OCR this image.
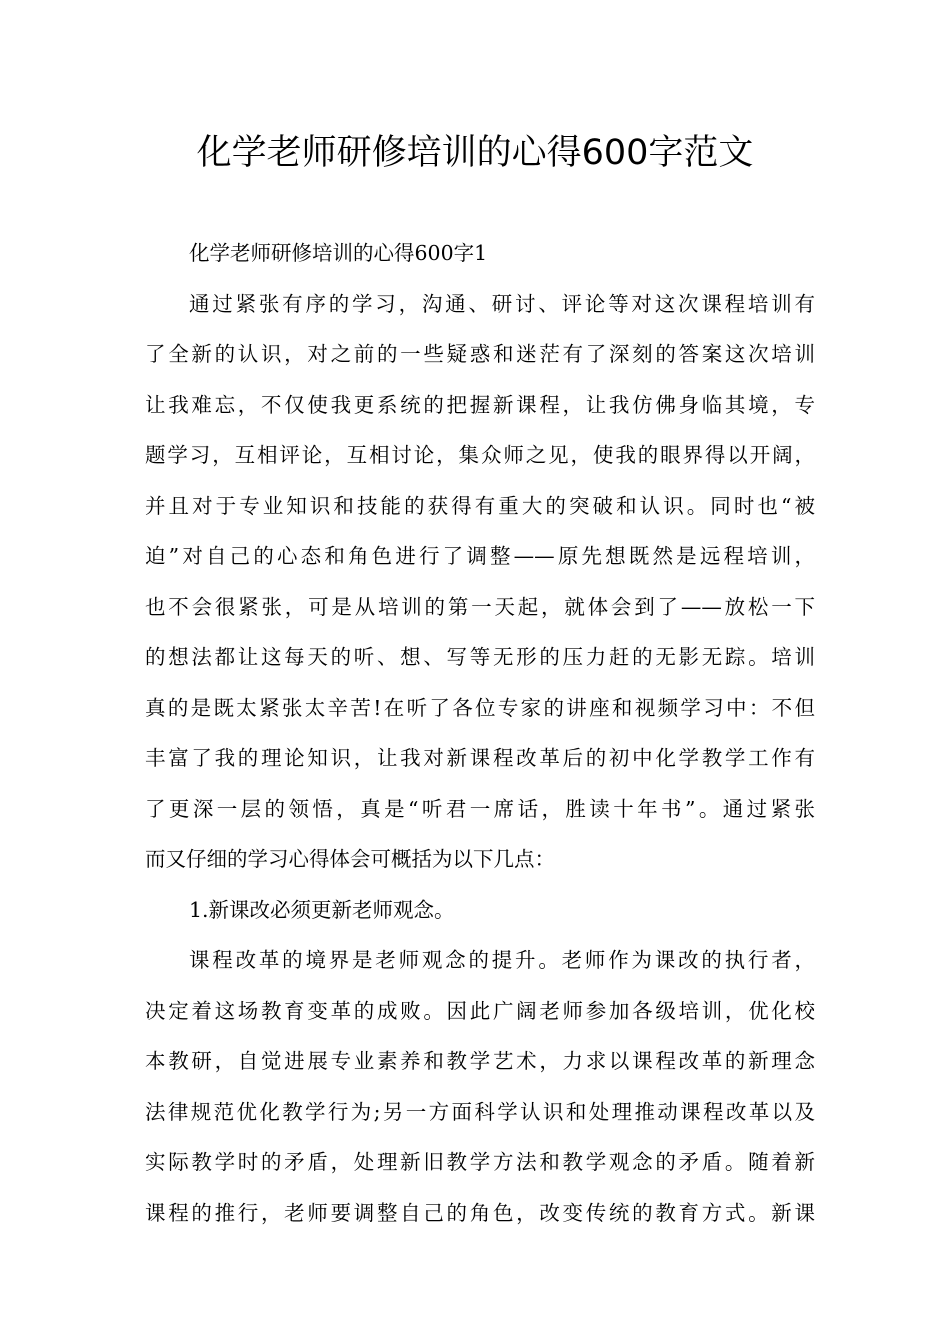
化学老师研修培训的心得600字范文

化学老师研修培训的心得600字1

通过紧张有序的学习，沟通、研讨、评论等对这次课程培训有
了全新的认识，对之前的一些疑惑和迷茫有了深刻的答案这次培训
让我难忘，不仅使我更系统的把握新课程，让我仿佛身临其境，专
题学习，互相评论，互相讨论，集众师之见，使我的眼界得以开阔，
并且对于专业知识和技能的获得有重大的突破和认识。同时也“被
迫”对自己的心态和角色进行了调整——原先想既然是远程培训，
也不会很紧张，可是从培训的第一天起，就体会到了——放松一下
的想法都让这每天的听、想、写等无形的压力赶的无影无踪。培训
真的是既太紧张太辛苦!在听了各位专家的讲座和视频学习中：不但
丰富了我的理论知识，让我对新课程改革后的初中化学教学工作有
了更深一层的领悟，真是“听君一席话，胜读十年书”。通过紧张
而又仔细的学习心得体会可概括为以下几点：

1.新课改必须更新老师观念。

课程改革的境界是老师观念的提升。老师作为课改的执行者，
决定着这场教育变革的成败。因此广阔老师参加各级培训，优化校
本教研，自觉进展专业素养和教学艺术，力求以课程改革的新理念
法律规范优化教学行为;另一方面科学认识和处理推动课程改革以及
实际教学时的矛盾，处理新旧教学方法和教学观念的矛盾。随着新
课程的推行，老师要调整自己的角色，改变传统的教育方式。新课
